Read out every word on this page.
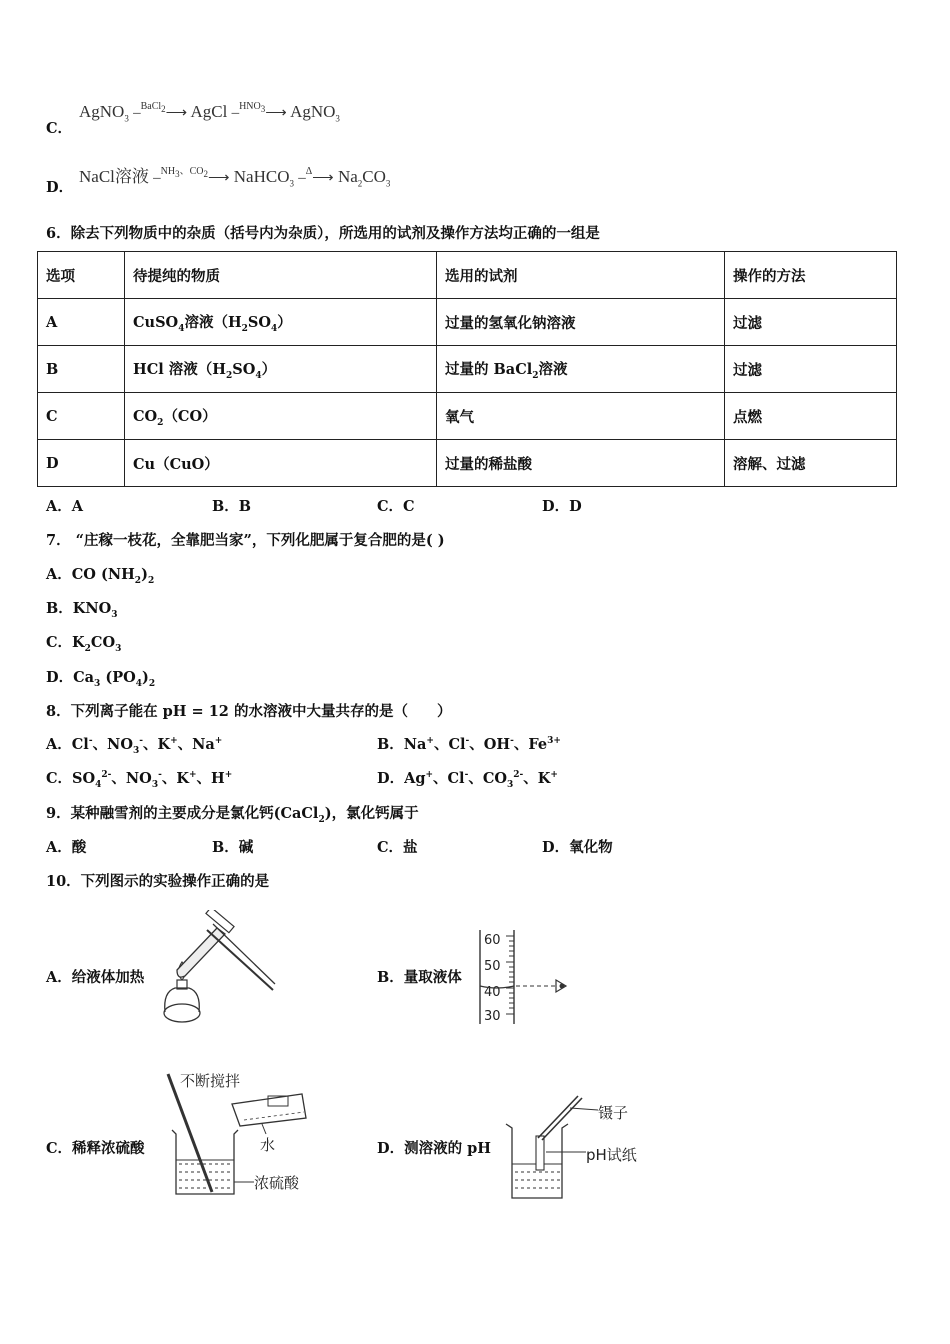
C．
AgNO$_3$ –$^{BaCl_2}$⟶ AgCl –$^{HNO_3}$⟶ AgNO$_3$
D．
NaCl溶液 –$^{NH_3、CO_2}$⟶ NaHCO$_3$ –$^\Delta$⟶ $Na_2CO_3$
6．除去下列物质中的杂质（括号内为杂质），所选用的试剂及操作方法均正确的一组是
选项	待提纯的物质	选用的试剂	操作的方法
A	CuSO$_4$溶液$(H_2SO_4)$	过量的氢氧化钠溶液	过滤
B	HCl 溶液$(H_2SO_4)$	过量的 BaCl$_2$溶液	过滤
C	$CO_2(CO)$	氧气	点燃
D	Cu（CuO）	过量的稀盐酸	溶解、过滤
A．A	B．B	C．C	D．D
7． “庄稼一枝花，全靠肥当家”，下列化肥属于复合肥的是( )
A．CO $(NH_2)_2$
B．$KNO_3$
C．$K_2CO_3$
D．$Ca_3$ $(PO_4)_2$
8．下列离子能在 pH = 12 的水溶液中大量共存的是（　　）
A．Cl-、$NO_3^-$、K+、Na+	B．Na+、Cl-、OH-、$Fe^{3+}$
C．$SO_4^{2-}$、$NO_3^-$、K+、H+	D．Ag+、Cl-、$CO_3^{2-}$、K+
9．某种融雪剂的主要成分是氯化钙(CaCl$_2$)，氯化钙属于
A．酸	B．碱	C．盐	D．氧化物
10．下列图示的实验操作正确的是
A．给液体加热	B．量取液体
60
50
40
30
C．稀释浓硫酸
不断搅拌
水
浓硫酸
D．测溶液的 pH
镊子
pH试纸
